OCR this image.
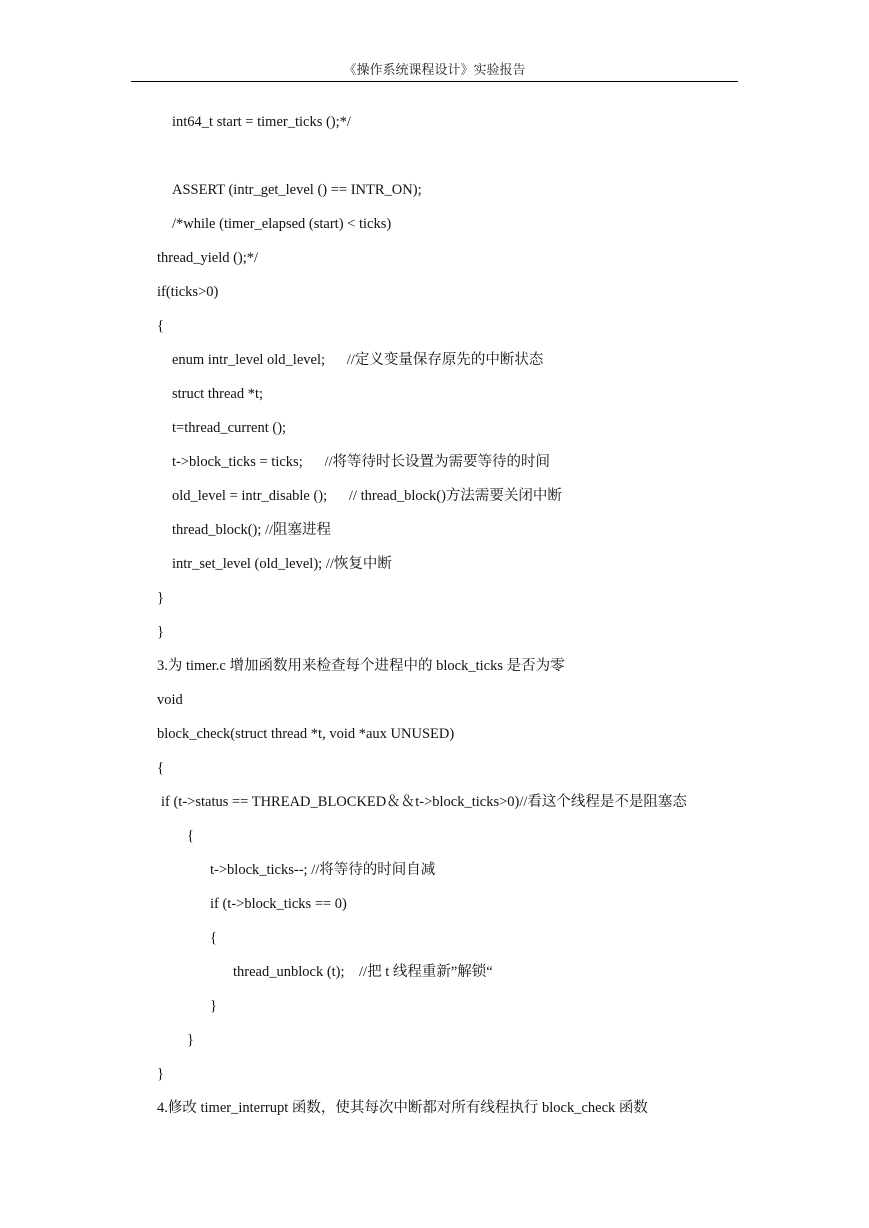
《操作系统课程设计》实验报告
int64_t start = timer_ticks ();*/
ASSERT (intr_get_level () == INTR_ON);
/*while (timer_elapsed (start) < ticks)
thread_yield ();*/
if(ticks>0)
{
enum intr_level old_level;      //定义变量保存原先的中断状态
struct thread *t;
t=thread_current ();
t->block_ticks = ticks;      //将等待时长设置为需要等待的时间
old_level = intr_disable ();      // thread_block()方法需要关闭中断
thread_block(); //阻塞进程
intr_set_level (old_level); //恢复中断
}
}
3.为 timer.c 增加函数用来检查每个进程中的 block_ticks 是否为零
void
block_check(struct thread *t, void *aux UNUSED)
{
if (t->status == THREAD_BLOCKED＆＆t->block_ticks>0)//看这个线程是不是阻塞态
{
t->block_ticks--; //将等待的时间自减
if (t->block_ticks == 0)
{
thread_unblock (t);    //把 t 线程重新”解锁“
}
}
}
4.修改 timer_interrupt 函数，使其每次中断都对所有线程执行 block_check 函数
